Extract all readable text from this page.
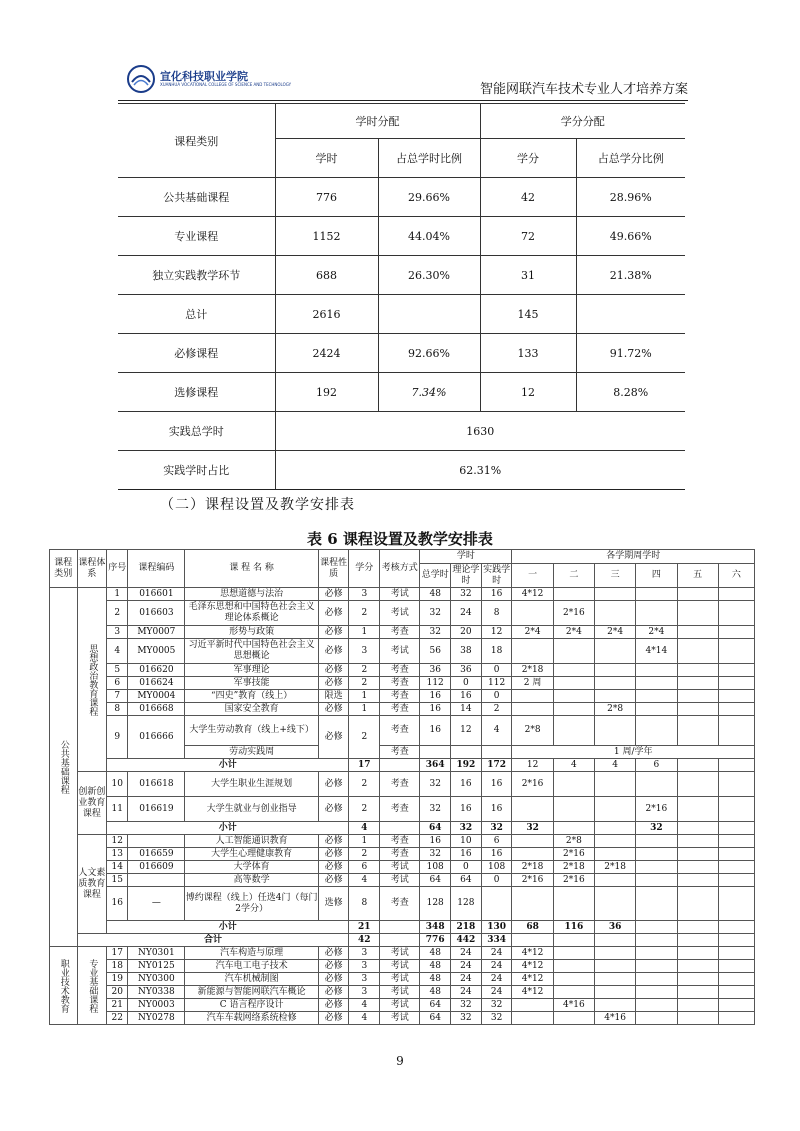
宣化科技职业学院
XUANHUA VOCATIONAL COLLEGE OF SCIENCE AND TECHNOLOGY	智能网联汽车技术专业人才培养方案
课程类别	学时分配		学分分配	
	学时	占总学时比例	学分	占总学分比例
公共基础课程	776	29.66%	42	28.96%
专业课程	1152	44.04%	72	49.66%
独立实践教学环节	688	26.30%	31	21.38%
总计	2616		145	
必修课程	2424	92.66%	133	91.72%
选修课程	192	7.34%	12	8.28%
实践总学时	1630			
实践学时占比	62.31%			
（二）课程设置及教学安排表
表 6 课程设置及教学安排表
课程类别	课程体系	序号	课程编码	课 程 名 称	课程性质	学分	考核方式	学时			各学期周学时					
								总学时	理论学时	实践学时	一	二	三	四	五	六
公共基础课程	思想政治教育课程	1	016601	思想道德与法治	必修	3	考试	48	32	16	4*12					
		2	016603	毛泽东思想和中国特色社会主义理论体系概论	必修	2	考试	32	24	8		2*16				
		3	MY0007	形势与政策	必修	1	考查	32	20	12	2*4	2*4	2*4	2*4		
		4	MY0005	习近平新时代中国特色社会主义思想概论	必修	3	考试	56	38	18				4*14		
		5	016620	军事理论	必修	2	考查	36	36	0	2*18					
		6	016624	军事技能	必修	2	考查	112	0	112	2 周					
		7	MY0004	“四史”教育（线上）	限选	1	考查	16	16	0						
		8	016668	国家安全教育	必修	1	考查	16	14	2			2*8			
		9	016666	大学生劳动教育（线上+线下）	必修	2	考查	16	12	4	2*8					
				劳动实践周			考查				1 周/学年					
		小计				17		364	192	172	12	4	4	6		
	创新创业教育课程	10	016618	大学生职业生涯规划	必修	2	考查	32	16	16	2*16					
		11	016619	大学生就业与创业指导	必修	2	考查	32	16	16				2*16		
		小计				4		64	32	32	32			32		
	人文素质教育课程	12		人工智能通识教育	必修	1	考查	16	10	6		2*8				
		13	016659	大学生心理健康教育	必修	2	考查	32	16	16		2*16				
		14	016609	大学体育	必修	6	考试	108	0	108	2*18	2*18	2*18			
		15		高等数学	必修	4	考试	64	64	0	2*16	2*16				
		16	—	博约课程（线上）任选4门（每门2学分）	选修	8	考查	128	128							
		小计				21		348	218	130	68	116	36			
	合计					42		776	442	334						
职业技术教育	专业基础课程	17	NY0301	汽车构造与原理	必修	3	考试	48	24	24	4*12					
		18	NY0125	汽车电工电子技术	必修	3	考试	48	24	24	4*12					
		19	NY0300	汽车机械制图	必修	3	考试	48	24	24	4*12					
		20	NY0338	新能源与智能网联汽车概论	必修	3	考试	48	24	24	4*12					
		21	NY0003	C 语言程序设计	必修	4	考试	64	32	32		4*16				
		22	NY0278	汽车车载网络系统检修	必修	4	考试	64	32	32			4*16			
9
